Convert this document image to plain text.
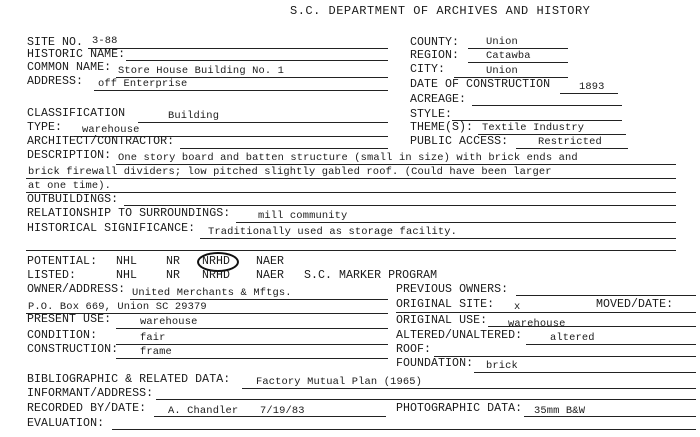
S.C. DEPARTMENT OF ARCHIVES AND HISTORY
SITE NO. 3-88
HISTORIC NAME:
COMMON NAME: Store House Building No. 1
ADDRESS: off Enterprise
CLASSIFICATION	Building
TYPE: warehouse
ARCHITECT/CONTRACTOR:
COUNTY:	Union
REGION:	Catawba
CITY:	Union
DATE OF CONSTRUCTION	1893
ACREAGE:
STYLE:
THEME(S): Textile Industry
PUBLIC ACCESS:	Restricted
DESCRIPTION: One story board and batten structure (small in size) with brick ends and
brick firewall dividers; low pitched slightly gabled roof. (Could have been larger
at one time).
OUTBUILDINGS:
RELATIONSHIP TO SURROUNDINGS:	mill community
HISTORICAL SIGNIFICANCE: Traditionally used as storage facility.
POTENTIAL: NHL NR NRHD NAER
LISTED:	NHL NR NRHD NAER S.C. MARKER PROGRAM
OWNER/ADDRESS: United Merchants & Mftgs.
P.O. Box 669, Union SC 29379
PRESENT USE:	warehouse
CONDITION:	fair
CONSTRUCTION: frame
PREVIOUS OWNERS:
ORIGINAL SITE: x	MOVED/DATE:
ORIGINAL USE: warehouse
ALTERED/UNALTERED:	altered
ROOF:
FOUNDATION: brick
BIBLIOGRAPHIC & RELATED DATA: Factory Mutual Plan (1965)
INFORMANT/ADDRESS:
RECORDED BY/DATE: A. Chandler 7/19/83	PHOTOGRAPHIC DATA: 35mm B&W
EVALUATION:
